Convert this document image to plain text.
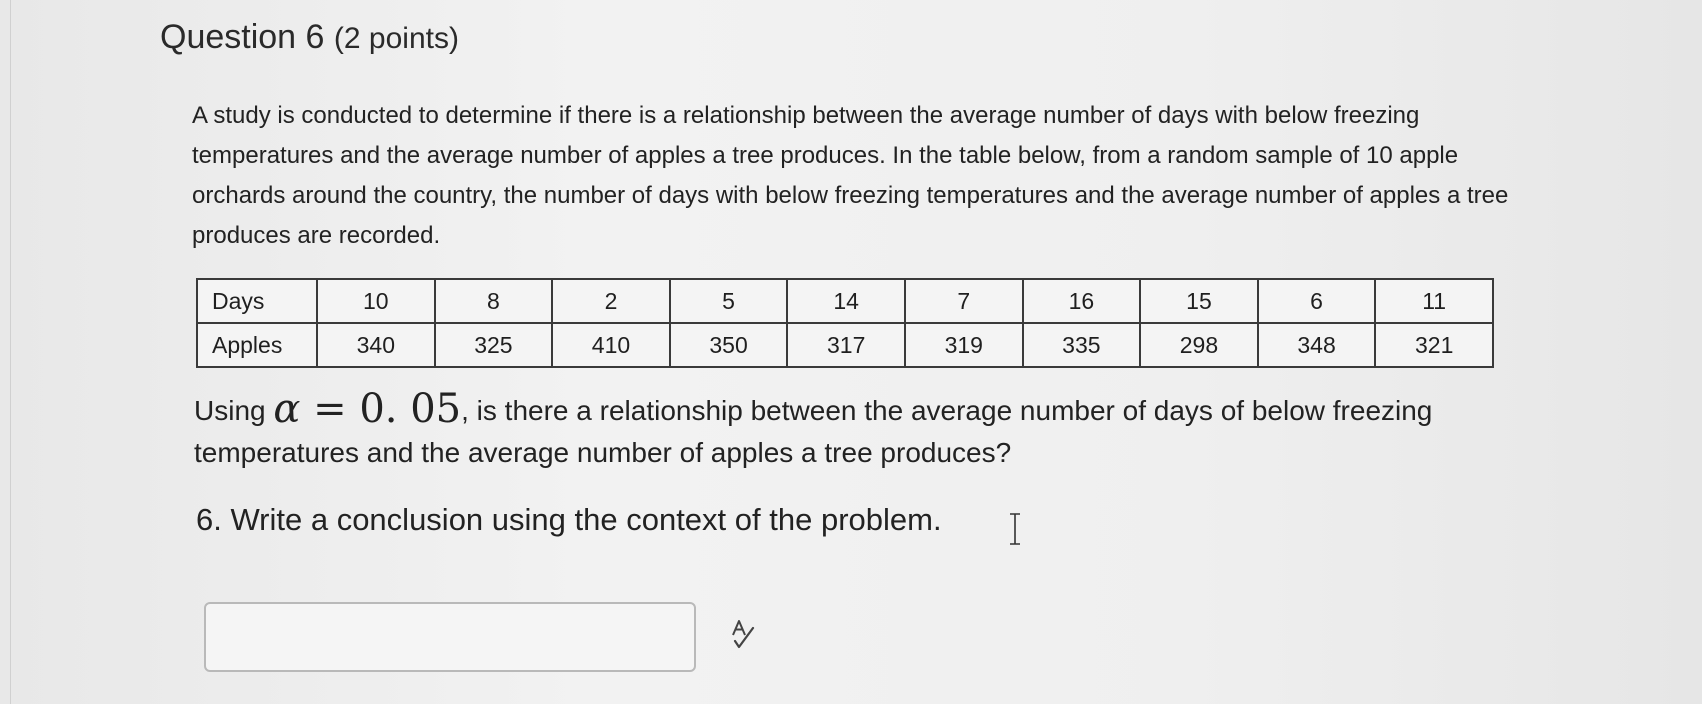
Question 6 (2 points)
A study is conducted to determine if there is a relationship between the average number of days with below freezing temperatures and the average number of apples a tree produces. In the table below, from a random sample of 10 apple orchards around the country, the number of days with below freezing temperatures and the average number of apples a tree produces are recorded.
Days	10	8	2	5	14	7	16	15	6	11
Apples	340	325	410	350	317	319	335	298	348	321
Using α = 0. 05, is there a relationship between the average number of days of below freezing temperatures and the average number of apples a tree produces?
6. Write a conclusion using the context of the problem.
